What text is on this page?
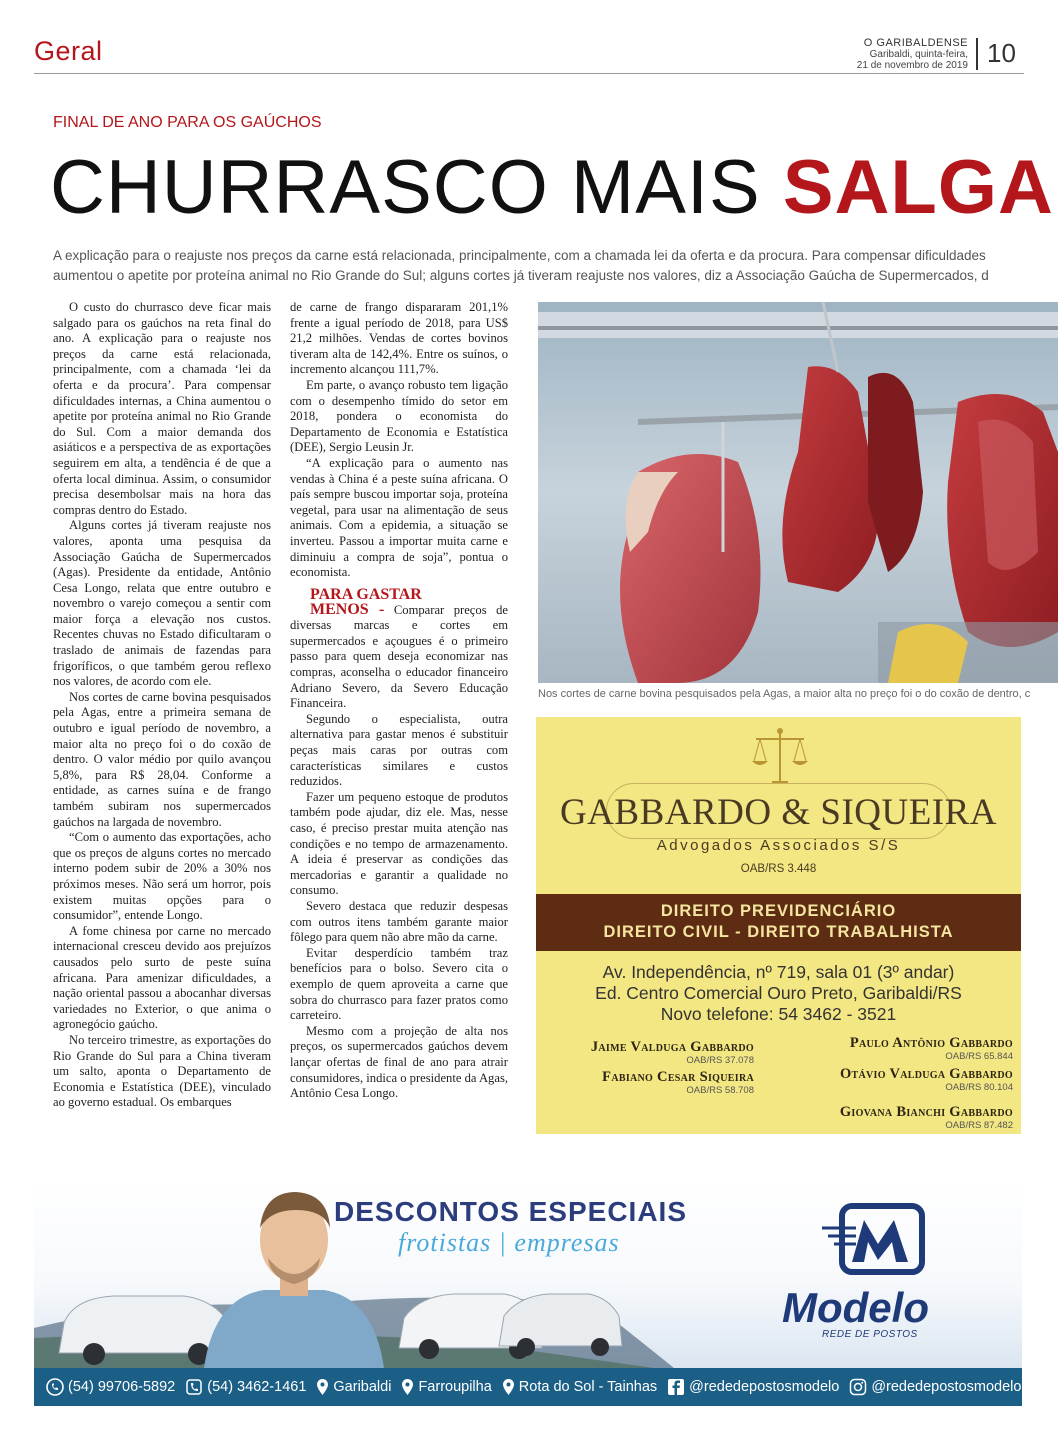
Geral	O GARIBALDENSE
Garibaldi, quinta-feira,
21 de novembro de 2019 10
FINAL DE ANO PARA OS GAÚCHOS
CHURRASCO MAIS SALGA
A explicação para o reajuste nos preços da carne está relacionada, principalmente, com a chamada lei da oferta e da procura. Para compensar dificuldades
aumentou o apetite por proteína animal no Rio Grande do Sul; alguns cortes já tiveram reajuste nos valores, diz a Associação Gaúcha de Supermercados, d

O custo do churrasco deve ficar mais salgado para os gaúchos na reta final do ano. A explicação para o reajuste nos preços da carne está relacionada, principalmente, com a chamada ‘lei da oferta e da procura’. Para compensar dificuldades internas, a China aumentou o apetite por proteína animal no Rio Grande do Sul. Com a maior demanda dos asiáticos e a perspectiva de as exportações seguirem em alta, a tendência é de que a oferta local diminua. Assim, o consumidor precisa desembolsar mais na hora das compras dentro do Estado.

Alguns cortes já tiveram reajuste nos valores, aponta uma pesquisa da Associação Gaúcha de Supermercados (Agas). Presidente da entidade, Antônio Cesa Longo, relata que entre outubro e novembro o varejo começou a sentir com maior força a elevação nos custos. Recentes chuvas no Estado dificultaram o traslado de animais de fazendas para frigoríficos, o que também gerou reflexo nos valores, de acordo com ele.

Nos cortes de carne bovina pesquisados pela Agas, entre a primeira semana de outubro e igual período de novembro, a maior alta no preço foi o do coxão de dentro. O valor médio por quilo avançou 5,8%, para R$ 28,04. Conforme a entidade, as carnes suína e de frango também subiram nos supermercados gaúchos na largada de novembro.

“Com o aumento das exportações, acho que os preços de alguns cortes no mercado interno podem subir de 20% a 30% nos próximos meses. Não será um horror, pois existem muitas opções para o consumidor”, entende Longo.

A fome chinesa por carne no mercado internacional cresceu devido aos prejuízos causados pelo surto de peste suína africana. Para amenizar dificuldades, a nação oriental passou a abocanhar diversas variedades no Exterior, o que anima o agronegócio gaúcho.

No terceiro trimestre, as exportações do Rio Grande do Sul para a China tiveram um salto, aponta o Departamento de Economia e Estatística (DEE), vinculado ao governo estadual. Os embarques

de carne de frango dispararam 201,1% frente a igual período de 2018, para US$ 21,2 milhões. Vendas de cortes bovinos tiveram alta de 142,4%. Entre os suínos, o incremento alcançou 111,7%.

Em parte, o avanço robusto tem ligação com o desempenho tímido do setor em 2018, pondera o economista do Departamento de Economia e Estatística (DEE), Sergio Leusin Jr.

“A explicação para o aumento nas vendas à China é a peste suína africana. O país sempre buscou importar soja, proteína vegetal, para usar na alimentação de seus animais. Com a epidemia, a situação se inverteu. Passou a importar muita carne e diminuiu a compra de soja”, pontua o economista.

PARA GASTAR

MENOS - Comparar preços de diversas marcas e cortes em supermercados e açougues é o primeiro passo para quem deseja economizar nas compras, aconselha o educador financeiro Adriano Severo, da Severo Educação Financeira.

Segundo o especialista, outra alternativa para gastar menos é substituir peças mais caras por outras com características similares e custos reduzidos.

Fazer um pequeno estoque de produtos também pode ajudar, diz ele. Mas, nesse caso, é preciso prestar muita atenção nas condições e no tempo de armazenamento. A ideia é preservar as condições das mercadorias e garantir a qualidade no consumo.

Severo destaca que reduzir despesas com outros itens também garante maior fôlego para quem não abre mão da carne.

Evitar desperdício também traz benefícios para o bolso. Severo cita o exemplo de quem aproveita a carne que sobra do churrasco para fazer pratos como carreteiro.

Mesmo com a projeção de alta nos preços, os supermercados gaúchos devem lançar ofertas de final de ano para atrair consumidores, indica o presidente da Agas, Antônio Cesa Longo.

Nos cortes de carne bovina pesquisados pela Agas, a maior alta no preço foi o do coxão de dentro, c
GABBARDO & SIQUEIRA
Advogados Associados S/S
OAB/RS 3.448
DIREITO PREVIDENCIÁRIO
DIREITO CIVIL - DIREITO TRABALHISTA
Av. Independência, nº 719, sala 01 (3º andar)
Ed. Centro Comercial Ouro Preto, Garibaldi/RS
Novo telefone: 54 3462 - 3521
Jaime Valduga Gabbardo
OAB/RS 37.078
Paulo Antônio Gabbardo
OAB/RS 65.844
Fabiano Cesar Siqueira
OAB/RS 58.708
Otávio Valduga Gabbardo
OAB/RS 80.104
Giovana Bianchi Gabbardo
OAB/RS 87.482
DESCONTOS ESPECIAIS
frotistas | empresas
Modelo
REDE DE POSTOS
(54) 99706-5892 (54) 3462-1461 Garibaldi Farroupilha Rota do Sol - Tainhas @rededepostosmodelo @rededepostosmodelo
